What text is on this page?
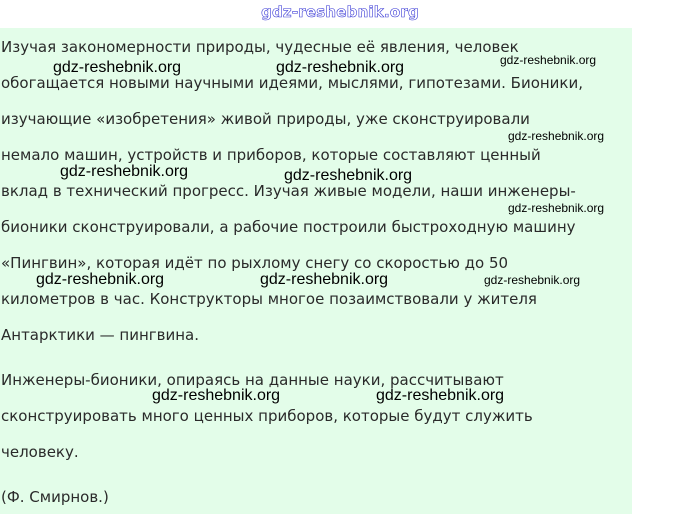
gdz-reshebnik.org
Изучая закономерности природы, чудесные её явления, человек
обогащается новыми научными идеями, мыслями, гипотезами. Бионики,
изучающие «изобретения» живой природы, уже сконструировали
немало машин, устройств и приборов, которые составляют ценный
вклад в технический прогресс. Изучая живые модели, наши инженеры-
бионики сконструировали, а рабочие построили быстроходную машину
«Пингвин», которая идёт по рыхлому снегу со скоростью до 50
километров в час. Конструкторы многое позаимствовали у жителя
Антарктики — пингвина.
Инженеры-бионики, опираясь на данные науки, рассчитывают
сконструировать много ценных приборов, которые будут служить
человеку.
(Ф. Смирнов.)
gdz-reshebnik.org
gdz-reshebnik.org	gdz-reshebnik.org
gdz-reshebnik.org
gdz-reshebnik.org	gdz-reshebnik.org
gdz-reshebnik.org
gdz-reshebnik.org
gdz-reshebnik.org	gdz-reshebnik.org
gdz-reshebnik.org	gdz-reshebnik.org
